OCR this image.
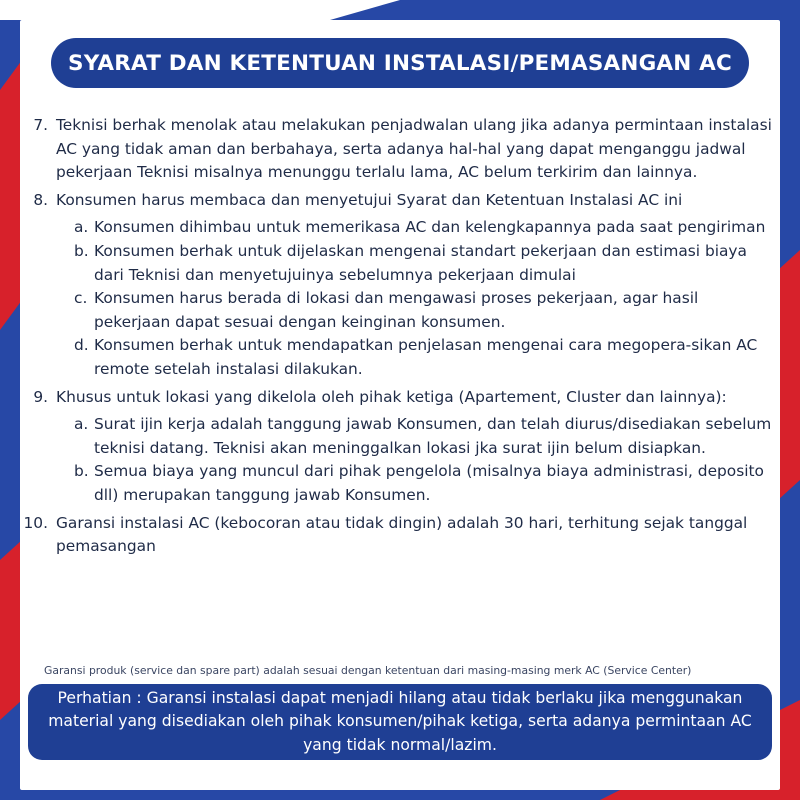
SYARAT DAN KETENTUAN INSTALASI/PEMASANGAN AC
7. Teknisi berhak menolak atau melakukan penjadwalan ulang jika adanya permintaan instalasi AC yang tidak aman dan berbahaya, serta adanya hal-hal yang dapat menganggu jadwal pekerjaan Teknisi misalnya menunggu terlalu lama, AC belum terkirim dan lainnya.
8. Konsumen harus membaca dan menyetujui Syarat dan Ketentuan Instalasi AC ini
a. Konsumen dihimbau untuk memerikasa AC dan kelengkapannya pada saat pengiriman
b. Konsumen berhak untuk dijelaskan mengenai standart pekerjaan dan estimasi biaya dari Teknisi dan menyetujuinya sebelumnya pekerjaan dimulai
c. Konsumen harus berada di lokasi dan mengawasi proses pekerjaan, agar hasil pekerjaan dapat sesuai dengan keinginan konsumen.
d. Konsumen berhak untuk mendapatkan penjelasan mengenai cara megopera-sikan AC remote setelah instalasi dilakukan.
9. Khusus untuk lokasi yang dikelola oleh pihak ketiga (Apartement, Cluster dan lainnya):
a. Surat ijin kerja adalah tanggung jawab Konsumen, dan telah diurus/disediakan sebelum teknisi datang. Teknisi akan meninggalkan lokasi jka surat ijin belum disiapkan.
b. Semua biaya yang muncul dari pihak pengelola (misalnya biaya administrasi, deposito dll) merupakan tanggung jawab Konsumen.
10. Garansi instalasi AC (kebocoran atau tidak dingin) adalah 30 hari, terhitung sejak tanggal pemasangan
Garansi produk (service dan spare part) adalah sesuai dengan ketentuan dari masing-masing merk AC (Service Center)
Perhatian : Garansi instalasi dapat menjadi hilang atau tidak berlaku jika menggunakan material yang disediakan oleh pihak konsumen/pihak ketiga, serta adanya permintaan AC yang tidak normal/lazim.
